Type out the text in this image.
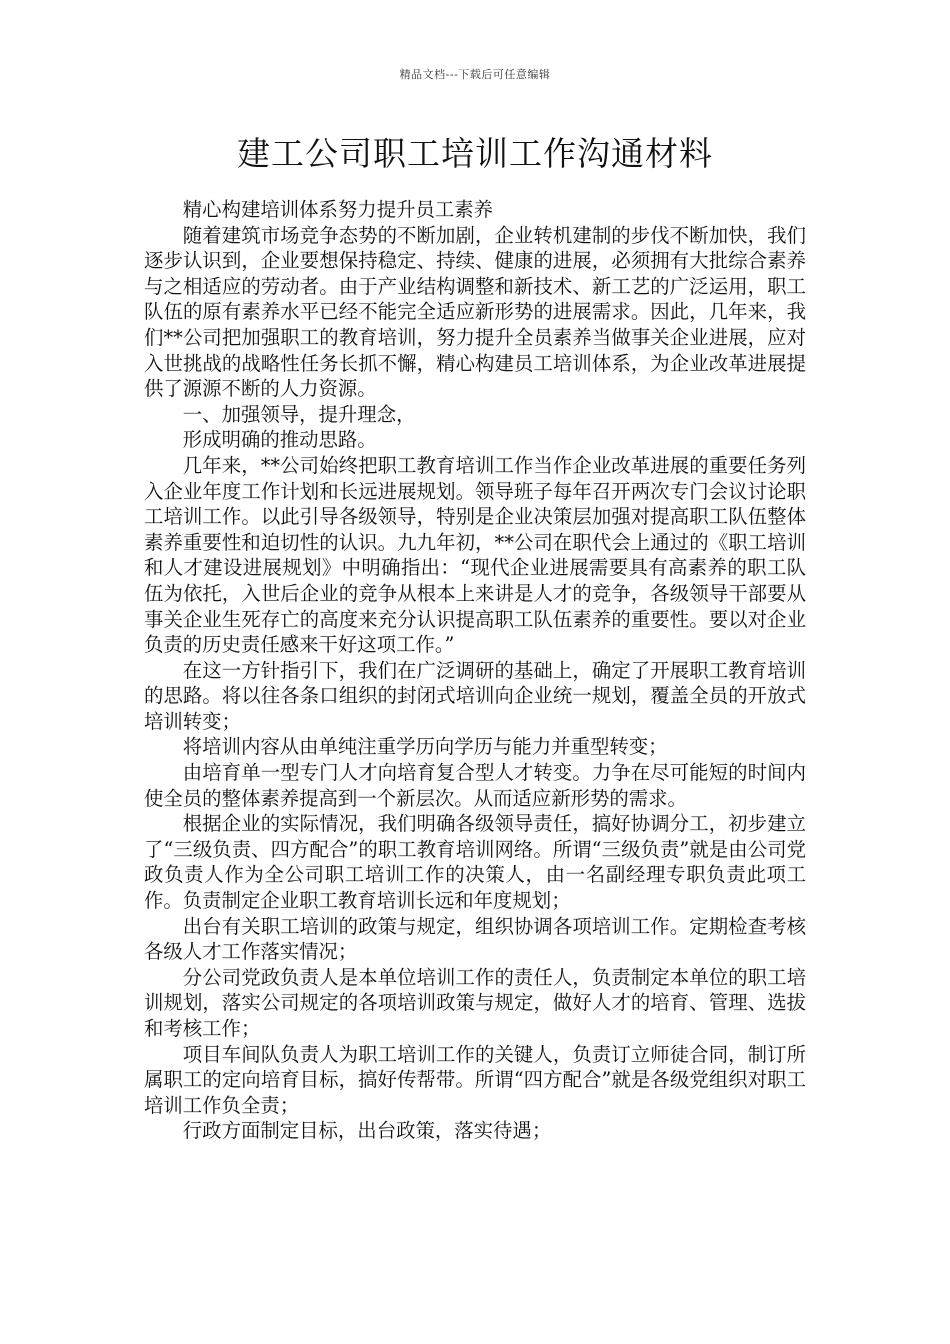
精品文档---下载后可任意编辑
建工公司职工培训工作沟通材料

精心构建培训体系努力提升员工素养

随着建筑市场竞争态势的不断加剧，企业转机建制的步伐不断加快，我们逐步认识到，企业要想保持稳定、持续、健康的进展，必须拥有大批综合素养与之相适应的劳动者。由于产业结构调整和新技术、新工艺的广泛运用，职工队伍的原有素养水平已经不能完全适应新形势的进展需求。因此，几年来，我们**公司把加强职工的教育培训，努力提升全员素养当做事关企业进展，应对入世挑战的战略性任务长抓不懈，精心构建员工培训体系，为企业改革进展提供了源源不断的人力资源。

一、加强领导，提升理念，

形成明确的推动思路。

几年来，**公司始终把职工教育培训工作当作企业改革进展的重要任务列入企业年度工作计划和长远进展规划。领导班子每年召开两次专门会议讨论职工培训工作。以此引导各级领导，特别是企业决策层加强对提高职工队伍整体素养重要性和迫切性的认识。九九年初，**公司在职代会上通过的《职工培训和人才建设进展规划》中明确指出：“现代企业进展需要具有高素养的职工队伍为依托，入世后企业的竞争从根本上来讲是人才的竞争，各级领导干部要从事关企业生死存亡的高度来充分认识提高职工队伍素养的重要性。要以对企业负责的历史责任感来干好这项工作。”

在这一方针指引下，我们在广泛调研的基础上，确定了开展职工教育培训的思路。将以往各条口组织的封闭式培训向企业统一规划，覆盖全员的开放式培训转变；

将培训内容从由单纯注重学历向学历与能力并重型转变；

由培育单一型专门人才向培育复合型人才转变。力争在尽可能短的时间内使全员的整体素养提高到一个新层次。从而适应新形势的需求。

根据企业的实际情况，我们明确各级领导责任，搞好协调分工，初步建立了“三级负责、四方配合”的职工教育培训网络。所谓“三级负责”就是由公司党政负责人作为全公司职工培训工作的决策人，由一名副经理专职负责此项工作。负责制定企业职工教育培训长远和年度规划；

出台有关职工培训的政策与规定，组织协调各项培训工作。定期检查考核各级人才工作落实情况；

分公司党政负责人是本单位培训工作的责任人，负责制定本单位的职工培训规划，落实公司规定的各项培训政策与规定，做好人才的培育、管理、选拔和考核工作；

项目车间队负责人为职工培训工作的关键人，负责订立师徒合同，制订所属职工的定向培育目标，搞好传帮带。所谓“四方配合”就是各级党组织对职工培训工作负全责；

行政方面制定目标，出台政策，落实待遇；
